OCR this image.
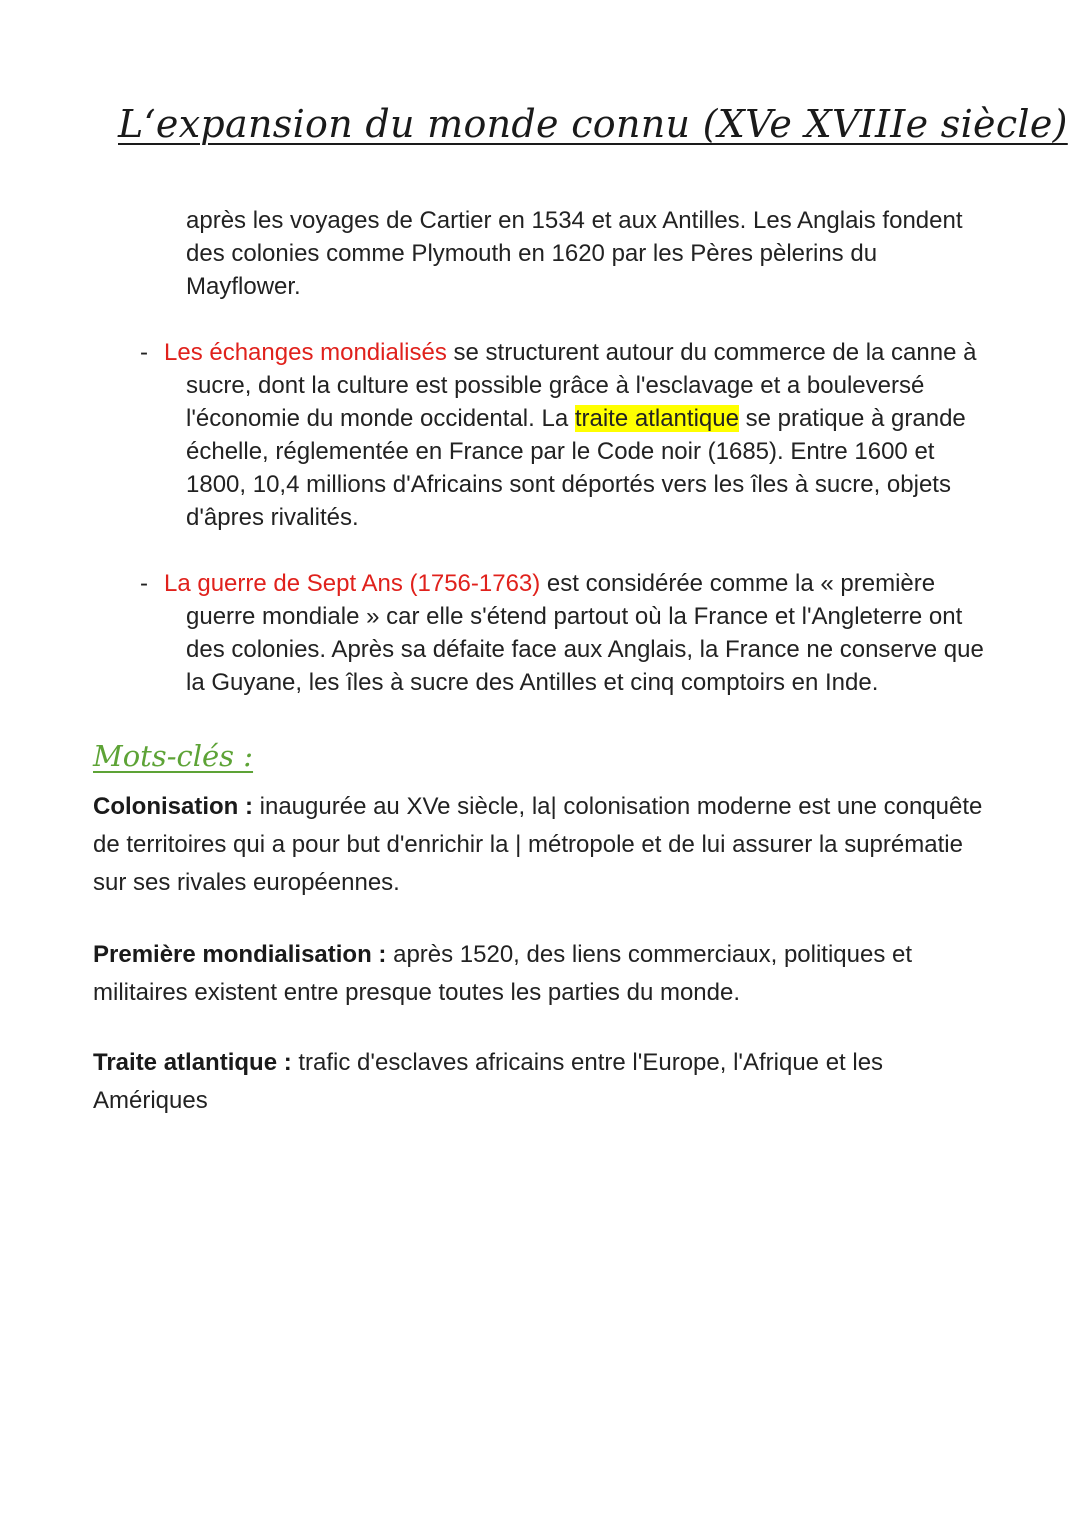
L‘expansion du monde connu (XVe XVIIIe siècle)

après les voyages de Cartier en 1534 et aux Antilles. Les Anglais fondent
des colonies comme Plymouth en 1620 par les Pères pèlerins du
Mayflower.

- Les échanges mondialisés se structurent autour du commerce de la canne à sucre, dont la culture est possible grâce à l'esclavage et a bouleversé l'économie du monde occidental. La traite atlantique se pratique à grande échelle, réglementée en France par le Code noir (1685). Entre 1600 et 1800, 10,4 millions d'Africains sont déportés vers les îles à sucre, objets d'âpres rivalités.
- La guerre de Sept Ans (1756-1763) est considérée comme la « première guerre mondiale » car elle s'étend partout où la France et l'Angleterre ont des colonies. Après sa défaite face aux Anglais, la France ne conserve que la Guyane, les îles à sucre des Antilles et cinq comptoirs en Inde.
Mots-clés :

Colonisation : inaugurée au XVe siècle, la| colonisation moderne est une conquête de territoires qui a pour but d'enrichir la | métropole et de lui assurer la suprématie sur ses rivales européennes.

Première mondialisation : après 1520, des liens commerciaux, politiques et militaires existent entre presque toutes les parties du monde.

Traite atlantique : trafic d'esclaves africains entre l'Europe, l'Afrique et les Amériques
